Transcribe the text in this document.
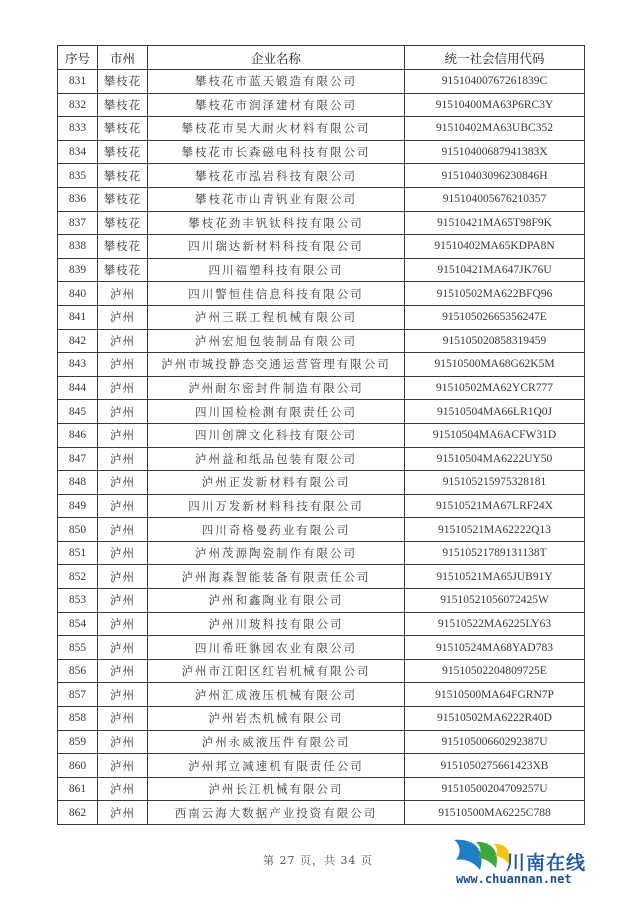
序号	市州	企业名称	统一社会信用代码
831	攀枝花	攀枝花市蓝天锻造有限公司	91510400767261839C
832	攀枝花	攀枝花市润泽建材有限公司	91510400MA63P6RC3Y
833	攀枝花	攀枝花市昊大耐火材料有限公司	91510402MA63UBC352
834	攀枝花	攀枝花市长森磁电科技有限公司	91510400687941383X
835	攀枝花	攀枝花市泓岩科技有限公司	91510403096230846H
836	攀枝花	攀枝花市山青钒业有限公司	915104005676210357
837	攀枝花	攀枝花劲丰钒钛科技有限公司	91510421MA65T98F9K
838	攀枝花	四川瑞达新材料科技有限公司	91510402MA65KDPA8N
839	攀枝花	四川福塑科技有限公司	91510421MA647JK76U
840	泸州	四川警恒佳信息科技有限公司	91510502MA622BFQ96
841	泸州	泸州三联工程机械有限公司	91510502665356247E
842	泸州	泸州宏旭包装制品有限公司	915105020858319459
843	泸州	泸州市城投静态交通运营管理有限公司	91510500MA68G62K5M
844	泸州	泸州耐尔密封件制造有限公司	91510502MA62YCR777
845	泸州	四川国检检测有限责任公司	91510504MA66LR1Q0J
846	泸州	四川创牌文化科技有限公司	91510504MA6ACFW31D
847	泸州	泸州益和纸品包装有限公司	91510504MA6222UY50
848	泸州	泸州正发新材料有限公司	915105215975328181
849	泸州	四川万发新材料科技有限公司	91510521MA67LRF24X
850	泸州	四川奇格曼药业有限公司	91510521MA62222Q13
851	泸州	泸州茂源陶瓷制作有限公司	91510521789131138T
852	泸州	泸州海森智能装备有限责任公司	91510521MA65JUB91Y
853	泸州	泸州和鑫陶业有限公司	91510521056072425W
854	泸州	泸州川玻科技有限公司	91510522MA6225LY63
855	泸州	四川希旺貅园农业有限公司	91510524MA68YAD783
856	泸州	泸州市江阳区红岩机械有限公司	91510502204809725E
857	泸州	泸州汇成液压机械有限公司	91510500MA64FGRN7P
858	泸州	泸州岩杰机械有限公司	91510502MA6222R40D
859	泸州	泸州永威液压件有限公司	91510500660292387U
860	泸州	泸州邦立减速机有限责任公司	9151050275661423XB
861	泸州	泸州长江机械有限公司	91510500204709257U
862	泸州	西南云海大数据产业投资有限公司	91510500MA6225C788
第 27 页，共 34 页	川南在线
www.chuannan.net
